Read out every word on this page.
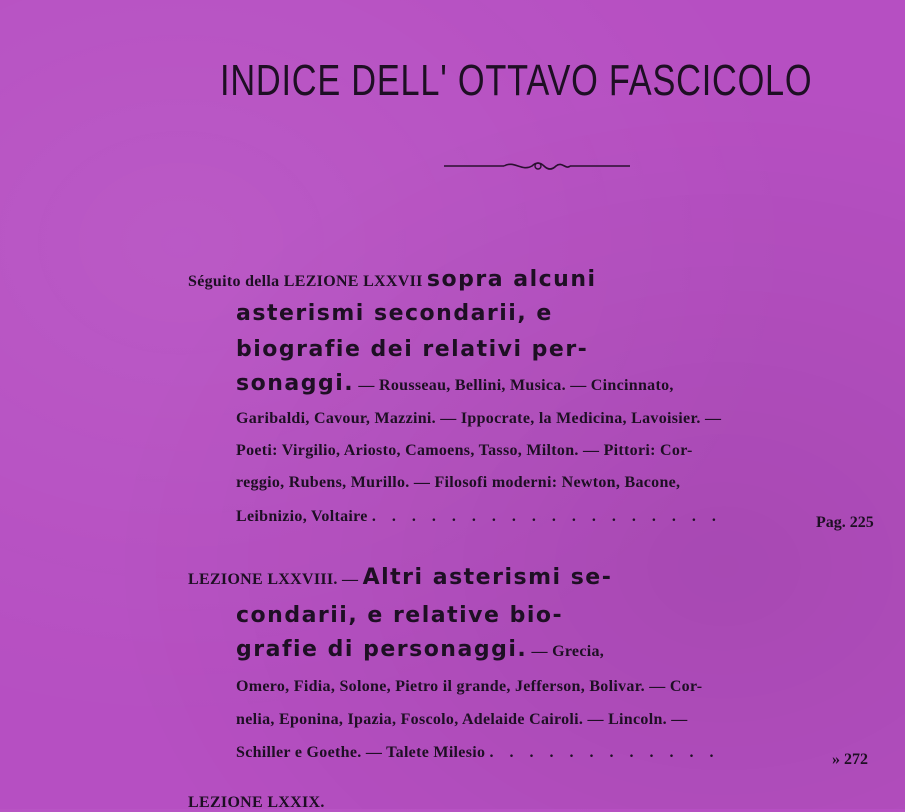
INDICE DELL' OTTAVO FASCICOLO
Séguito della LEZIONE LXXVII sopra alcuni
asterismi secondarii, e
biografie dei relativi per-
sonaggi. — Rousseau, Bellini, Musica. — Cincinnato,
Garibaldi, Cavour, Mazzini. — Ippocrate, la Medicina, Lavoisier. —
Poeti: Virgilio, Ariosto, Camoens, Tasso, Milton. — Pittori: Cor-
reggio, Rubens, Murillo. — Filosofi moderni: Newton, Bacone,
Leibnizio, Voltaire . . . . . . . . . . . . . . . . . .	Pag. 225
LEZIONE LXXVIII. — Altri asterismi se-
condarii, e relative bio-
grafie di personaggi. — Grecia,
Omero, Fidia, Solone, Pietro il grande, Jefferson, Bolivar. — Cor-
nelia, Eponina, Ipazia, Foscolo, Adelaide Cairoli. — Lincoln. —
Schiller e Goethe. — Talete Milesio . . . . . . . . . . . .	» 272
LEZIONE LXXIX.
